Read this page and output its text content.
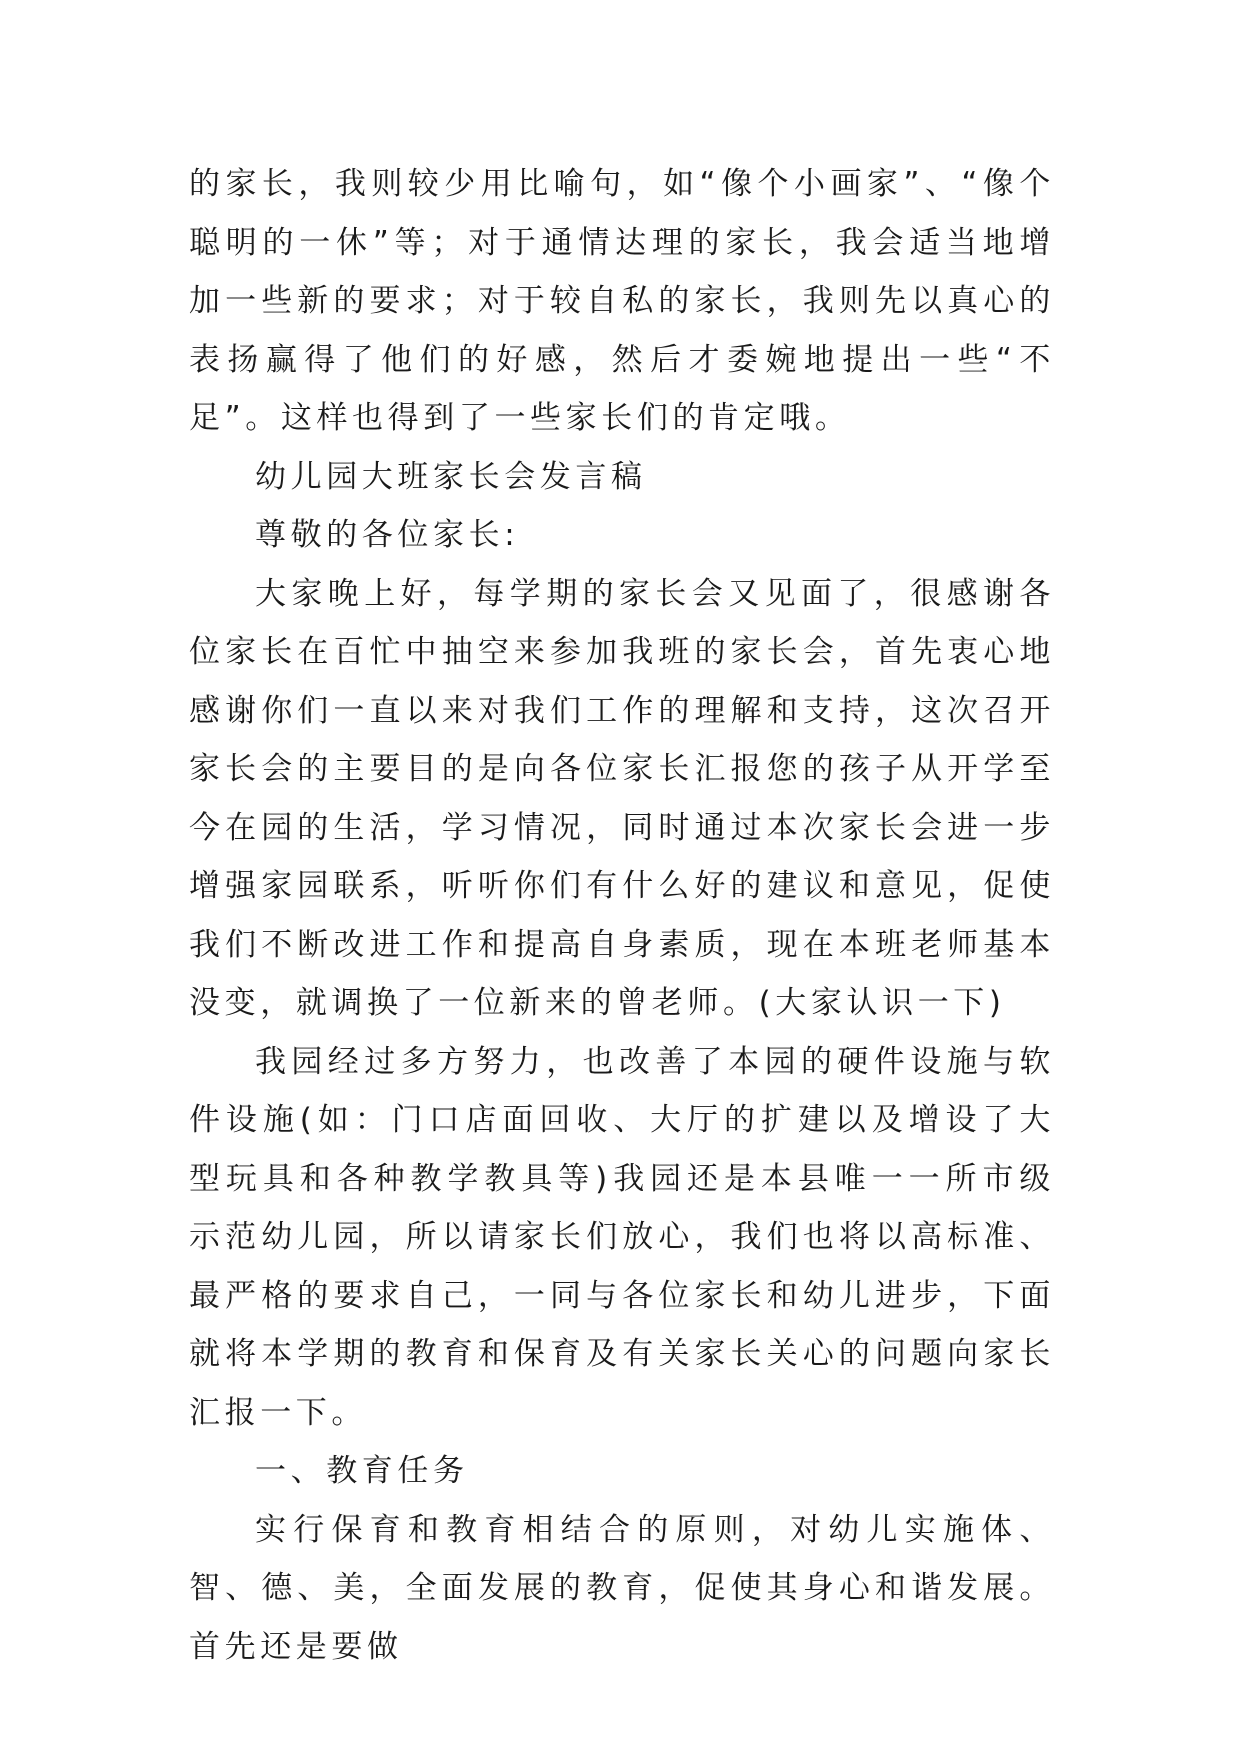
的家长，我则较少用比喻句，如“像个小画家”、“像个聪明的一休”等；对于通情达理的家长，我会适当地增加一些新的要求；对于较自私的家长，我则先以真心的表扬赢得了他们的好感，然后才委婉地提出一些“不足”。这样也得到了一些家长们的肯定哦。

幼儿园大班家长会发言稿

尊敬的各位家长:

大家晚上好，每学期的家长会又见面了，很感谢各位家长在百忙中抽空来参加我班的家长会，首先衷心地感谢你们一直以来对我们工作的理解和支持，这次召开家长会的主要目的是向各位家长汇报您的孩子从开学至今在园的生活，学习情况，同时通过本次家长会进一步增强家园联系，听听你们有什么好的建议和意见，促使我们不断改进工作和提高自身素质，现在本班老师基本没变，就调换了一位新来的曾老师。(大家认识一下)

我园经过多方努力，也改善了本园的硬件设施与软件设施(如：门口店面回收、大厅的扩建以及增设了大型玩具和各种教学教具等)我园还是本县唯一一所市级示范幼儿园，所以请家长们放心，我们也将以高标准、最严格的要求自己，一同与各位家长和幼儿进步，下面就将本学期的教育和保育及有关家长关心的问题向家长汇报一下。

一、教育任务

实行保育和教育相结合的原则，对幼儿实施体、智、德、美，全面发展的教育，促使其身心和谐发展。首先还是要做
